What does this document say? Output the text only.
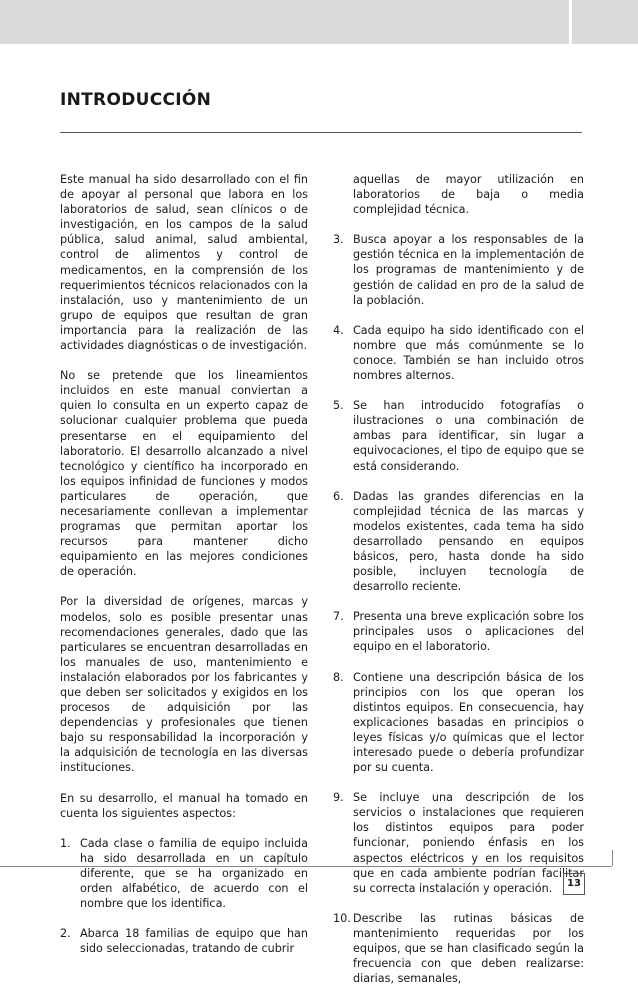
INTRODUCCIÓN

Este manual ha sido desarrollado con el fin de apoyar al personal que labora en los laboratorios de salud, sean clínicos o de investigación, en los campos de la salud pública, salud animal, salud ambiental, control de alimentos y control de medicamentos, en la comprensión de los requerimientos técnicos relacionados con la instalación, uso y mantenimiento de un grupo de equipos que resultan de gran importancia para la realización de las actividades diagnósticas o de investigación.

No se pretende que los lineamientos incluidos en este manual conviertan a quien lo consulta en un experto capaz de solucionar cualquier problema que pueda presentarse en el equipamiento del laboratorio. El desarrollo alcanzado a nivel tecnológico y científico ha incorporado en los equipos infinidad de funciones y modos particulares de operación, que necesariamente conllevan a implementar programas que permitan aportar los recursos para mantener dicho equipamiento en las mejores condiciones de operación.

Por la diversidad de orígenes, marcas y modelos, solo es posible presentar unas recomendaciones generales, dado que las particulares se encuentran desarrolladas en los manuales de uso, mantenimiento e instalación elaborados por los fabricantes y que deben ser solicitados y exigidos en los procesos de adquisición por las dependencias y profesionales que tienen bajo su responsabilidad la incorporación y la adquisición de tecnología en las diversas instituciones.

En su desarrollo, el manual ha tomado en cuenta los siguientes aspectos:

1. Cada clase o familia de equipo incluida ha sido desarrollada en un capítulo diferente, que se ha organizado en orden alfabético, de acuerdo con el nombre que los identifica.
2. Abarca 18 familias de equipo que han sido seleccionadas, tratando de cubrir

aquellas de mayor utilización en laboratorios de baja o media complejidad técnica.

3. Busca apoyar a los responsables de la gestión técnica en la implementación de los programas de mantenimiento y de gestión de calidad en pro de la salud de la población.
4. Cada equipo ha sido identificado con el nombre que más comúnmente se lo conoce. También se han incluido otros nombres alternos.
5. Se han introducido fotografías o ilustraciones o una combinación de ambas para identificar, sin lugar a equivocaciones, el tipo de equipo que se está considerando.
6. Dadas las grandes diferencias en la complejidad técnica de las marcas y modelos existentes, cada tema ha sido desarrollado pensando en equipos básicos, pero, hasta donde ha sido posible, incluyen tecnología de desarrollo reciente.
7. Presenta una breve explicación sobre los principales usos o aplicaciones del equipo en el laboratorio.
8. Contiene una descripción básica de los principios con los que operan los distintos equipos. En consecuencia, hay explicaciones basadas en principios o leyes físicas y/o químicas que el lector interesado puede o debería profundizar por su cuenta.
9. Se incluye una descripción de los servicios o instalaciones que requieren los distintos equipos para poder funcionar, poniendo énfasis en los aspectos eléctricos y en los requisitos que en cada ambiente podrían facilitar su correcta instalación y operación.
10. Describe las rutinas básicas de mantenimiento requeridas por los equipos, que se han clasificado según la frecuencia con que deben realizarse: diarias, semanales,
13
